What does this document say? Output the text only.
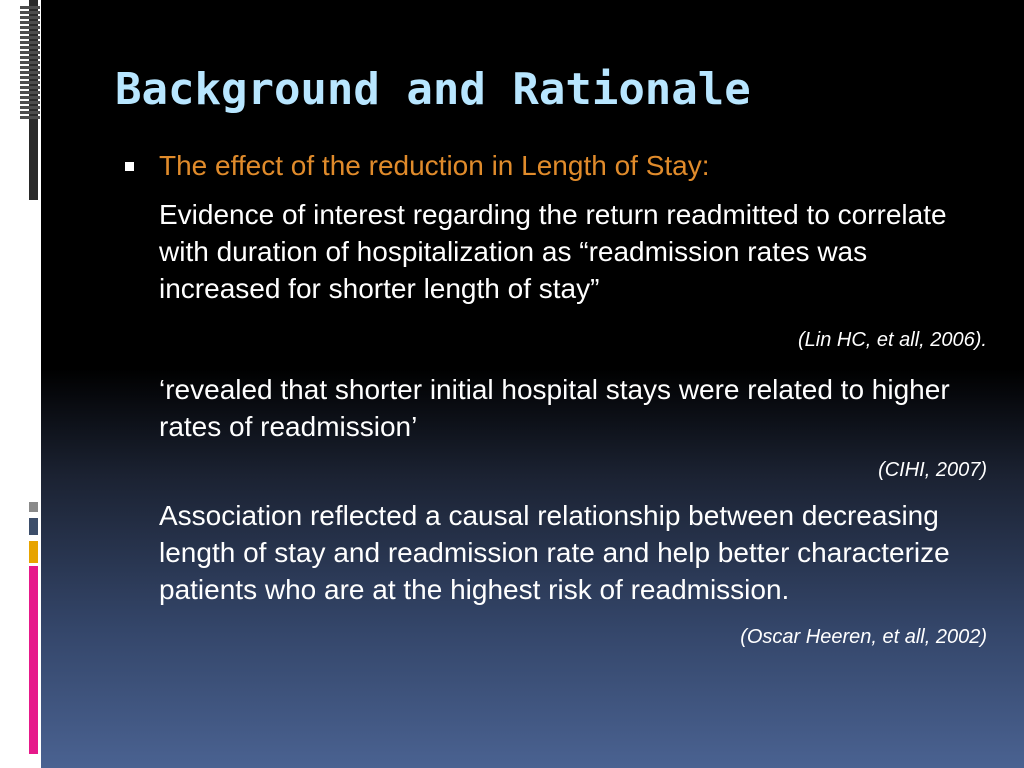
Background and Rationale

The effect of the reduction in Length of Stay:

Evidence of interest regarding the return readmitted to correlate with duration of hospitalization as “readmission rates was increased for shorter length of stay”

(Lin HC, et all, 2006).

‘revealed that shorter initial hospital stays were related to higher rates of readmission’

(CIHI, 2007)

Association reflected a causal relationship between decreasing length of stay and readmission rate and help better characterize patients who are at the highest risk of readmission.

(Oscar Heeren, et all, 2002)
